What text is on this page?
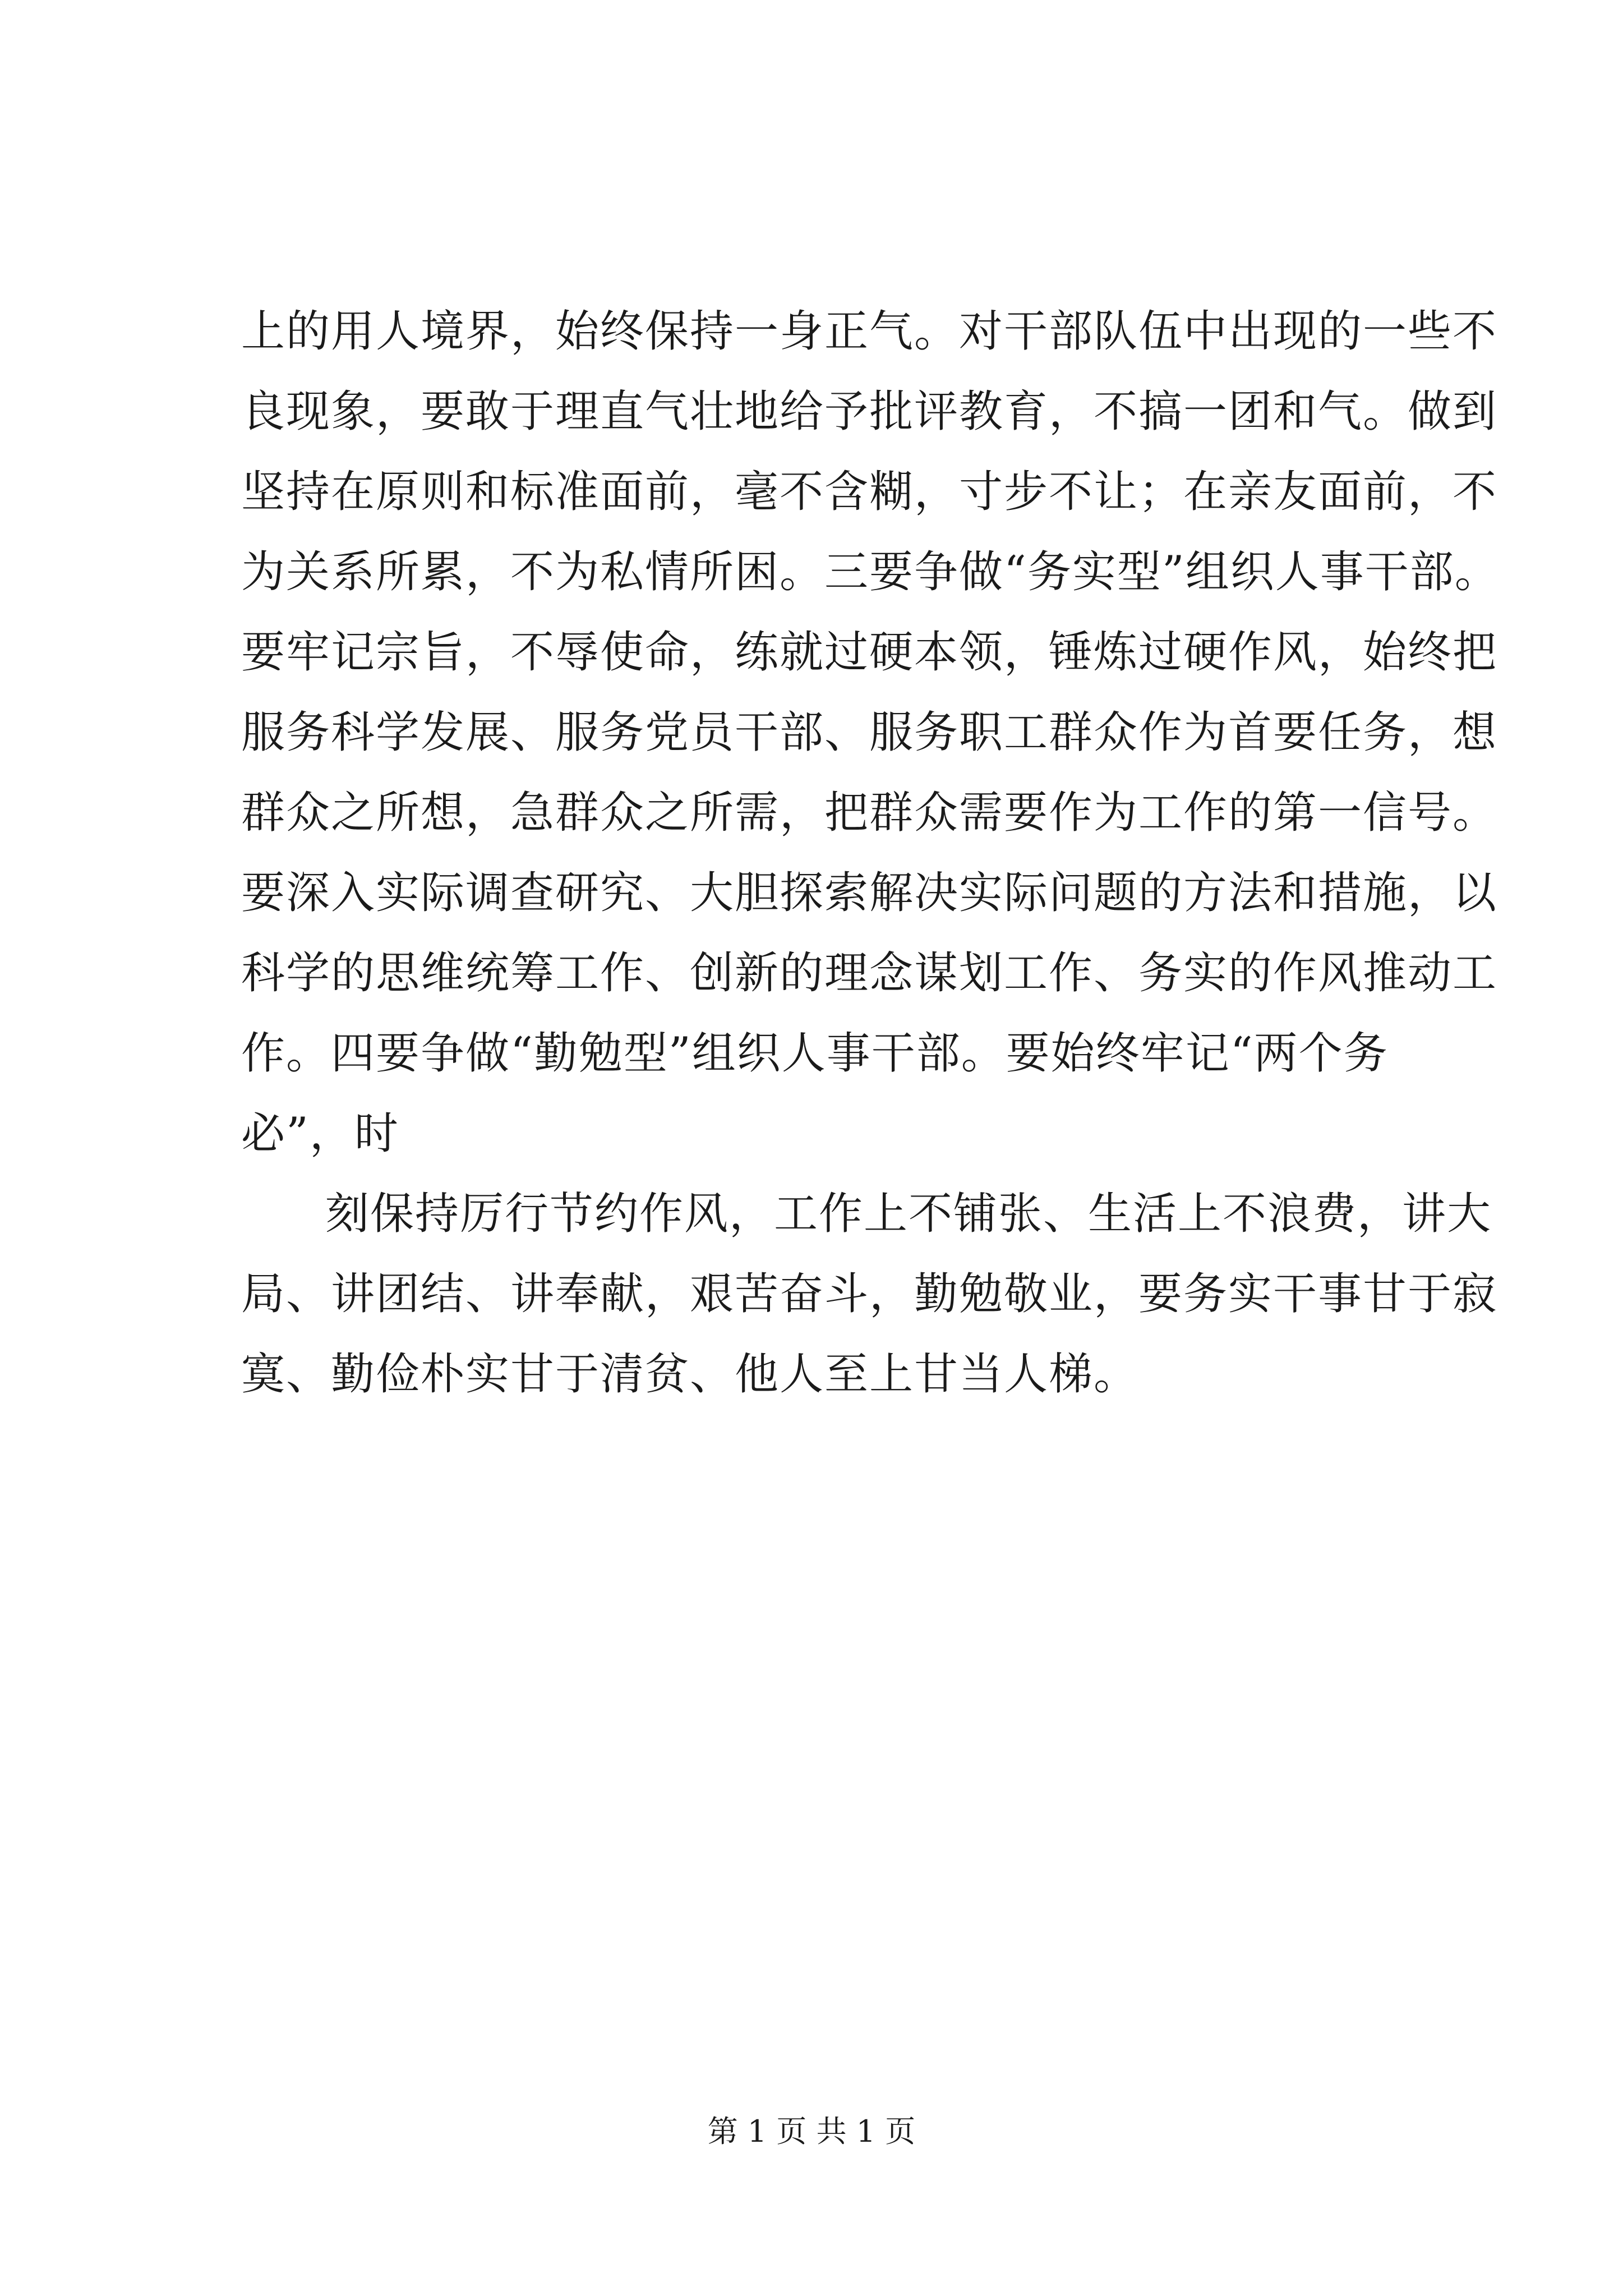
上的用人境界，始终保持一身正气。对干部队伍中出现的一些不
良现象，要敢于理直气壮地给予批评教育，不搞一团和气。做到
坚持在原则和标准面前，毫不含糊，寸步不让；在亲友面前，不
为关系所累，不为私情所困。三要争做“务实型”组织人事干部。
要牢记宗旨，不辱使命，练就过硬本领，锤炼过硬作风，始终把
服务科学发展、服务党员干部、服务职工群众作为首要任务，想
群众之所想，急群众之所需，把群众需要作为工作的第一信号。
要深入实际调查研究、大胆探索解决实际问题的方法和措施，以
科学的思维统筹工作、创新的理念谋划工作、务实的作风推动工
作。四要争做“勤勉型”组织人事干部。要始终牢记“两个务
必”，时
刻保持厉行节约作风，工作上不铺张、生活上不浪费，讲大
局、讲团结、讲奉献，艰苦奋斗，勤勉敬业，要务实干事甘于寂
寞、勤俭朴实甘于清贫、他人至上甘当人梯。
第 1 页 共 1 页
